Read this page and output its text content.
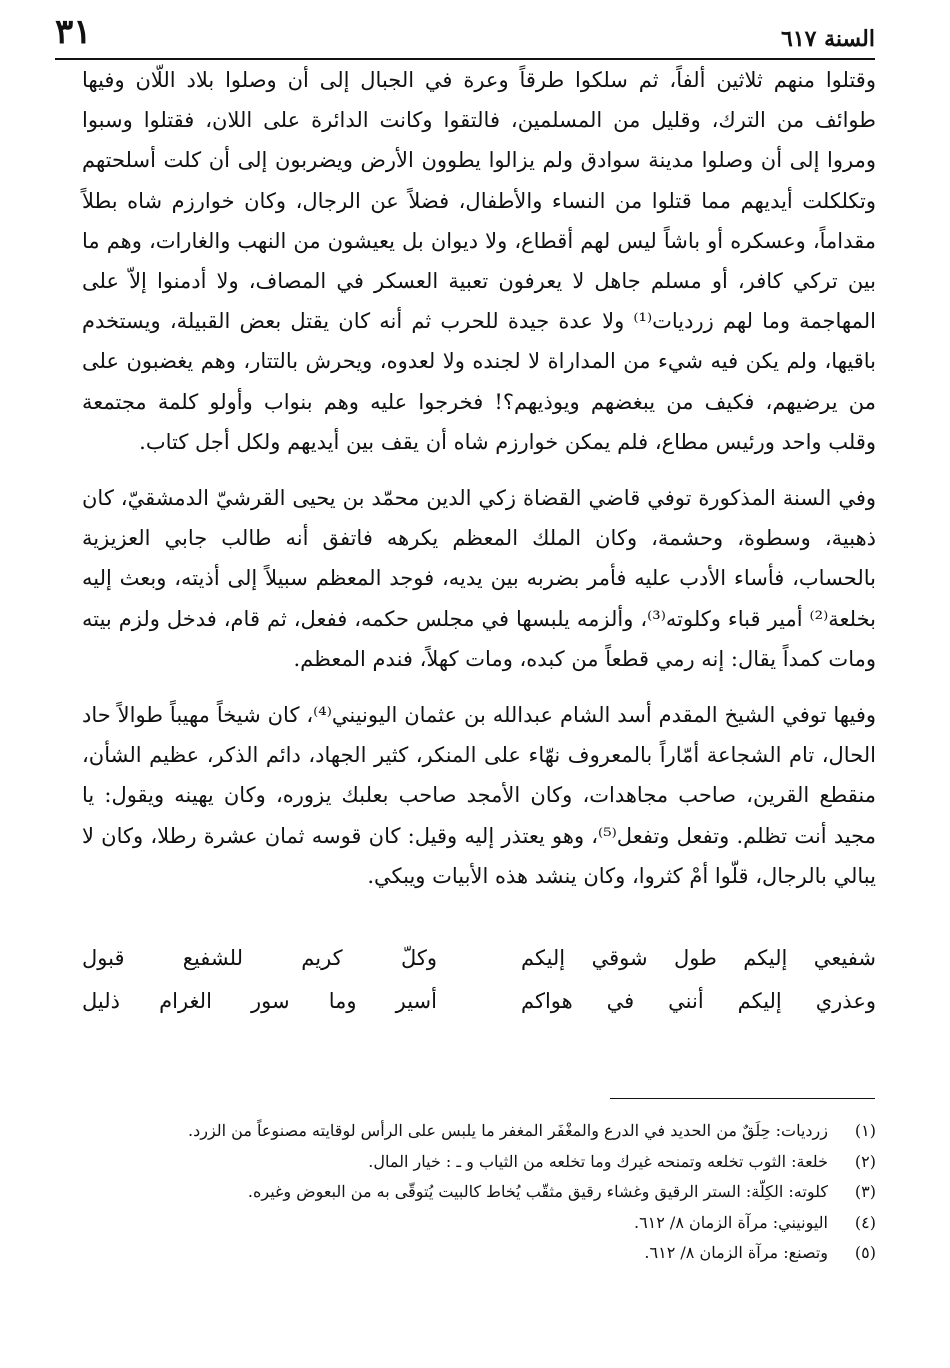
السنة ٦١٧
٣١

وقتلوا منهم ثلاثين ألفاً، ثم سلكوا طرقاً وعرة في الجبال إلى أن وصلوا بلاد اللّان وفيها طوائف من الترك، وقليل من المسلمين، فالتقوا وكانت الدائرة على اللان، فقتلوا وسبوا ومروا إلى أن وصلوا مدينة سوادق ولم يزالوا يطوون الأرض ويضربون إلى أن كلت أسلحتهم وتكلكلت أيديهم مما قتلوا من النساء والأطفال، فضلاً عن الرجال، وكان خوارزم شاه بطلاً مقداماً، وعسكره أو باشاً ليس لهم أقطاع، ولا ديوان بل يعيشون من النهب والغارات، وهم ما بين تركي كافر، أو مسلم جاهل لا يعرفون تعبية العسكر في المصاف، ولا أدمنوا إلاّ على المهاجمة وما لهم زرديات⁽¹⁾ ولا عدة جيدة للحرب ثم أنه كان يقتل بعض القبيلة، ويستخدم باقيها، ولم يكن فيه شيء من المداراة لا لجنده ولا لعدوه، ويحرش بالتتار، وهم يغضبون على من يرضيهم، فكيف من يبغضهم ويوذيهم؟! فخرجوا عليه وهم بنواب وأولو كلمة مجتمعة وقلب واحد ورئيس مطاع، فلم يمكن خوارزم شاه أن يقف بين أيديهم ولكل أجل كتاب.

وفي السنة المذكورة توفي قاضي القضاة زكي الدين محمّد بن يحيى القرشيّ الدمشقيّ، كان ذهبية، وسطوة، وحشمة، وكان الملك المعظم يكرهه فاتفق أنه طالب جابي العزيزية بالحساب، فأساء الأدب عليه فأمر بضربه بين يديه، فوجد المعظم سبيلاً إلى أذيته، وبعث إليه بخلعة⁽²⁾ أمير قباء وكلوته⁽³⁾، وألزمه يلبسها في مجلس حكمه، ففعل، ثم قام، فدخل ولزم بيته ومات كمداً يقال: إنه رمي قطعاً من كبده، ومات كهلاً، فندم المعظم.

وفيها توفي الشيخ المقدم أسد الشام عبدالله بن عثمان اليونيني⁽⁴⁾، كان شيخاً مهيباً طوالاً حاد الحال، تام الشجاعة أمّاراً بالمعروف نهّاء على المنكر، كثير الجهاد، دائم الذكر، عظيم الشأن، منقطع القرين، صاحب مجاهدات، وكان الأمجد صاحب بعلبك يزوره، وكان يهينه ويقول: يا مجيد أنت تظلم. وتفعل وتفعل⁽⁵⁾، وهو يعتذر إليه وقيل: كان قوسه ثمان عشرة رطلا، وكان لا يبالي بالرجال، قلّوا أمْ كثروا، وكان ينشد هذه الأبيات ويبكي.

شفيعي إليكم طول شوقي إليكم
وكلّ كريم للشفيع قبول
وعذري إليكم أنني في هواكم
أسير وما سور الغرام ذليل
(١)
زرديات: حِلَقٌ من الحديد في الدرع والمغْفَر المغفر ما يلبس على الرأس لوقايته مصنوعاً من الزرد.
(٢)
خلعة: الثوب تخلعه وتمنحه غيرك وما تخلعه من الثياب و ـ : خيار المال.
(٣)
كلوته: الكِلّة: الستر الرقيق وغشاء رقيق مثقّب يُخاط كالبيت يُتوقّى به من البعوض وغيره.
(٤)
اليونيني: مرآة الزمان ٨/ ٦١٢.
(٥)
وتصنع: مرآة الزمان ٨/ ٦١٢.
